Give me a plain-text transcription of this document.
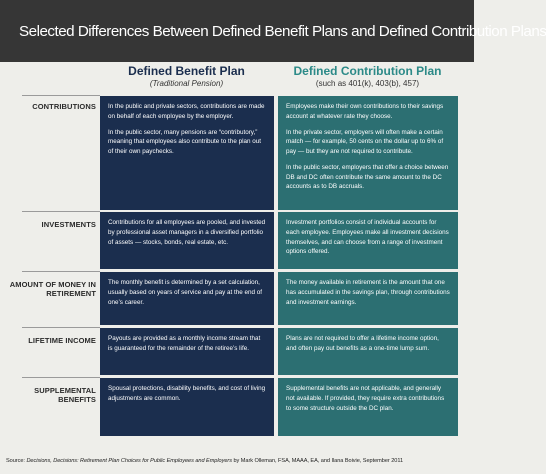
Selected Differences Between Defined Benefit Plans and Defined Contribution Plans
Defined Benefit Plan
(Traditional Pension)
Defined Contribution Plan
(such as 401(k), 403(b), 457)
CONTRIBUTIONS In the public and private sectors, contributions are made on behalf of each employee by the employer.

In the public sector, many pensions are “contributory,” meaning that employees also contribute to the plan out of their own paychecks.

Employees make their own contributions to their savings account at whatever rate they choose.

In the private sector, employers will often make a certain match — for example, 50 cents on the dollar up to 6% of pay — but they are not required to contribute.

In the public sector, employers that offer a choice between DB and DC often contribute the same amount to the DC accounts as to DB accruals.

INVESTMENTS Contributions for all employees are pooled, and invested by professional asset managers in a diversified portfolio of assets — stocks, bonds, real estate, etc.

Investment portfolios consist of individual accounts for each employee. Employees make all investment decisions themselves, and can choose from a range of investment options offered.

AMOUNT OF MONEY IN RETIREMENT

The monthly benefit is determined by a set calculation, usually based on years of service and pay at the end of one’s career.

The money available in retirement is the amount that one has accumulated in the savings plan, through contributions and investment earnings.

LIFETIME INCOME Payouts are provided as a monthly income stream that is guaranteed for the remainder of the retiree’s life.

Plans are not required to offer a lifetime income option, and often pay out benefits as a one-time lump sum.

SUPPLEMENTAL BENEFITS

Spousal protections, disability benefits, and cost of living adjustments are common.

Supplemental benefits are not applicable, and generally not available. If provided, they require extra contributions to some structure outside the DC plan.

Source: Decisions, Decisions: Retirement Plan Choices for Public Employees and Employers by Mark Olleman, FSA, MAAA, EA, and Ilana Boivie, September 2011
